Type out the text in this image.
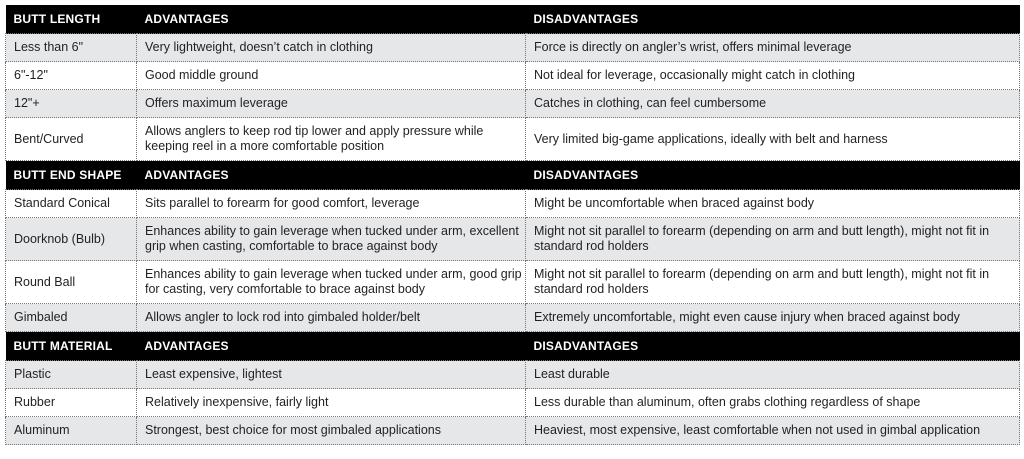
BUTT LENGTH	ADVANTAGES	DISADVANTAGES
Less than 6"	Very lightweight, doesn’t catch in clothing	Force is directly on angler’s wrist, offers minimal leverage
6"-12"	Good middle ground	Not ideal for leverage, occasionally might catch in clothing
12"+	Offers maximum leverage	Catches in clothing, can feel cumbersome
Bent/Curved	Allows anglers to keep rod tip lower and apply pressure while keeping reel in a more comfortable position	Very limited big-game applications, ideally with belt and harness
BUTT END SHAPE	ADVANTAGES	DISADVANTAGES
Standard Conical	Sits parallel to forearm for good comfort, leverage	Might be uncomfortable when braced against body
Doorknob (Bulb)	Enhances ability to gain leverage when tucked under arm, excellent grip when casting, comfortable to brace against body	Might not sit parallel to forearm (depending on arm and butt length), might not fit in standard rod holders
Round Ball	Enhances ability to gain leverage when tucked under arm, good grip for casting, very comfortable to brace against body	Might not sit parallel to forearm (depending on arm and butt length), might not fit in standard rod holders
Gimbaled	Allows angler to lock rod into gimbaled holder/belt	Extremely uncomfortable, might even cause injury when braced against body
BUTT MATERIAL	ADVANTAGES	DISADVANTAGES
Plastic	Least expensive, lightest	Least durable
Rubber	Relatively inexpensive, fairly light	Less durable than aluminum, often grabs clothing regardless of shape
Aluminum	Strongest, best choice for most gimbaled applications	Heaviest, most expensive, least comfortable when not used in gimbal application
